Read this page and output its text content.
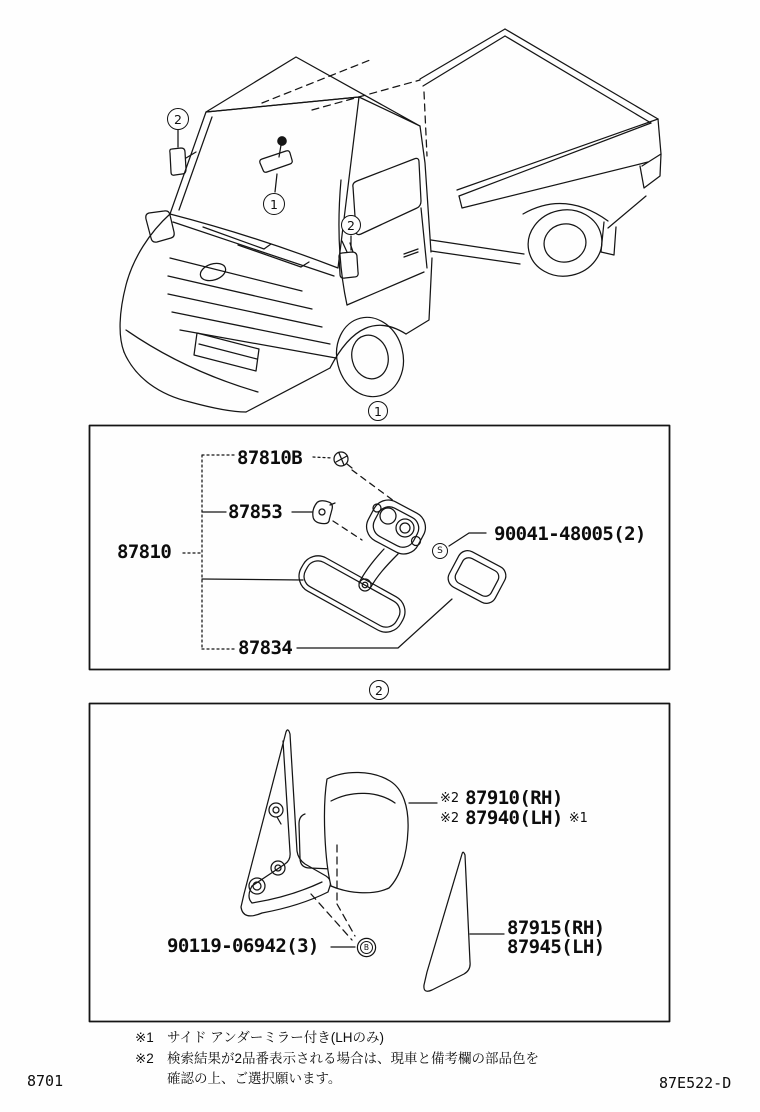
2
1
2
1
2
87810B
87853
87810
90041-48005(2)
87834
S
※2 87910(RH)
※2 87940(LH) ※1
87915(RH)
87945(LH)
90119-06942(3)	B
※1 サイド アンダーミラー付き(LHのみ)
※2 検索結果が2品番表示される場合は、現車と備考欄の部品色を
確認の上、ご選択願います。
8701	87E522-D
